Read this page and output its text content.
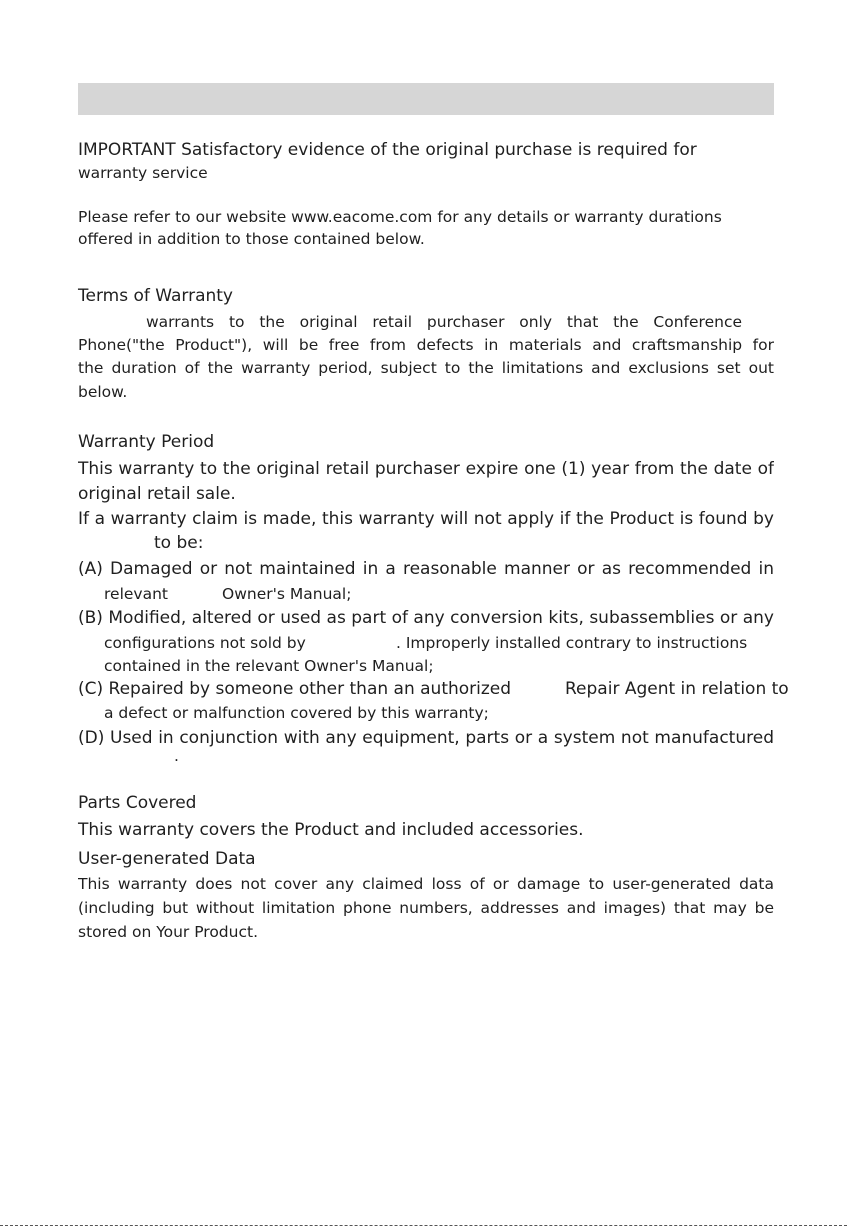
IMPORTANT Satisfactory evidence of the original purchase is required for
warranty service
Please refer to our website www.eacome.com for any details or warranty durations
offered in addition to those contained below.
Terms of Warranty
warrants to the original retail purchaser only that the Conference
Phone("the Product"), will be free from defects in materials and craftsmanship for
the duration of the warranty period, subject to the limitations and exclusions set out
below.
Warranty Period
This warranty to the original retail purchaser expire one (1) year from the date of
original retail sale.
If a warranty claim is made, this warranty will not apply if the Product is found by
to be:
(A) Damaged or not maintained in a reasonable manner or as recommended in
relevant	Owner's Manual;
(B) Modified, altered or used as part of any conversion kits, subassemblies or any
configurations not sold by	. Improperly installed contrary to instructions
contained in the relevant Owner's Manual;
(C) Repaired by someone other than an authorized	Repair Agent in relation to
a defect or malfunction covered by this warranty;
(D) Used in conjunction with any equipment, parts or a system not manufactured
.
Parts Covered
This warranty covers the Product and included accessories.
User-generated Data
This warranty does not cover any claimed loss of or damage to user-generated data
(including but without limitation phone numbers, addresses and images) that may be
stored on Your Product.
